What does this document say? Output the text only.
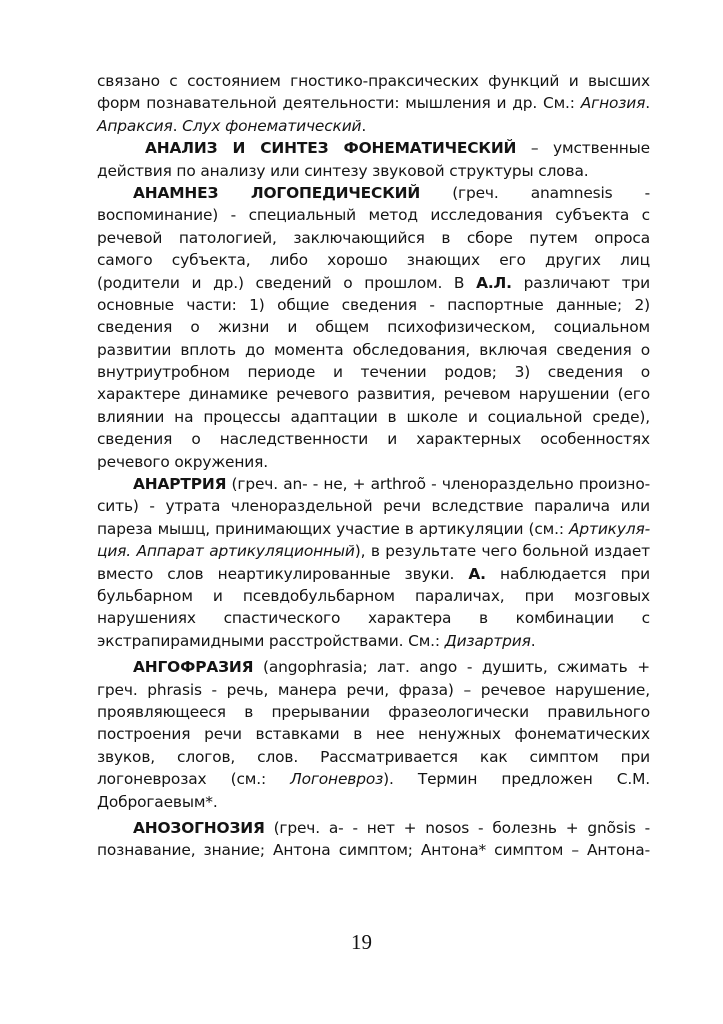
связано с состоянием гностико-праксических функций и высших
форм познавательной деятельности: мышления и др. См.: Агнозия.
Апраксия. Слух фонематический.
АНАЛИЗ И СИНТЕЗ ФОНЕМАТИЧЕСКИЙ – умственные
действия по анализу или синтезу звуковой структуры слова.
АНАМНЕЗ ЛОГОПЕДИЧЕСКИЙ (греч. anamnesis -
воспоминание) - специальный метод исследования субъекта с
речевой патологией, заключающийся в сборе путем опроса
самого субъекта, либо хорошо знающих его других лиц
(родители и др.) сведений о прошлом. В А.Л. различают три
основные части: 1) общие сведения - паспортные данные; 2)
сведения о жизни и общем психофизическом, социальном
развитии вплоть до момента обследования, включая сведения о
внутриутробном периоде и течении родов; 3) сведения о
характере динамике речевого развития, речевом нарушении (его
влиянии на процессы адаптации в школе и социальной среде),
сведения о наследственности и характерных особенностях
речевого окружения.
АНАРТРИЯ (греч. an- - не, + arthroõ - членораздельно произно-
сить) - утрата членораздельной речи вследствие паралича или
пареза мышц, принимающих участие в артикуляции (см.: Артикуля-
ция. Аппарат артикуляционный), в результате чего больной издает
вместо слов неартикулированные звуки. А. наблюдается при
бульбарном и псевдобульбарном параличах, при мозговых
нарушениях спастического характера в комбинации с
экстрапирамидными расстройствами. См.: Дизартрия.
АНГОФРАЗИЯ (angophrasia; лат. ango - душить, сжимать +
греч. phrasis - речь, манера речи, фраза) – речевое нарушение,
проявляющееся в прерывании фразеологически правильного
построения речи вставками в нее ненужных фонематических
звуков, слогов, слов. Рассматривается как симптом при
логоневрозах (см.: Логоневроз). Термин предложен С.М.
Доброгаевым*.
АНОЗОГНОЗИЯ (греч. a- - нет + nosos - болезнь + gnõsis -
познавание, знание; Антона симптом; Антона* симптом – Антона-
19
